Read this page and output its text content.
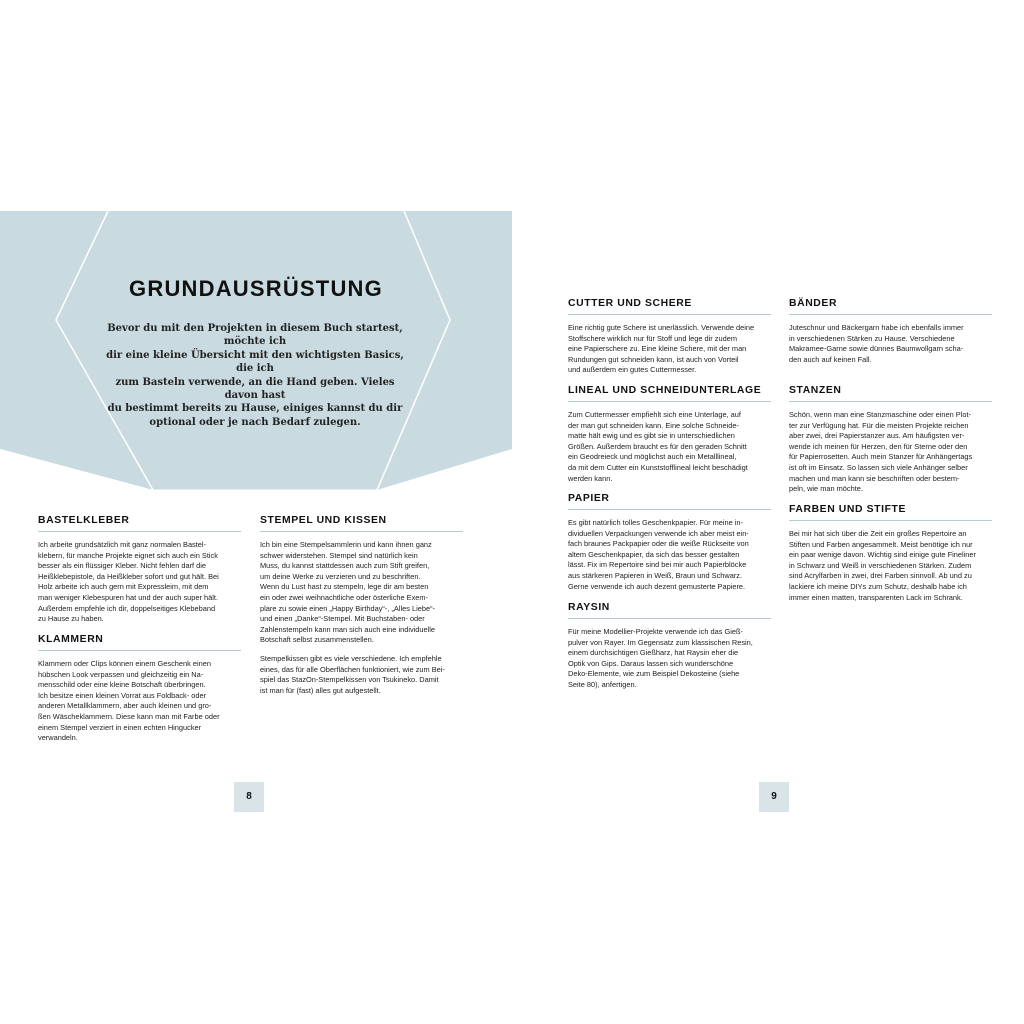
GRUNDAUSRÜSTUNG

Bevor du mit den Projekten in diesem Buch startest, möchte ich
dir eine kleine Übersicht mit den wichtigsten Basics, die ich
zum Basteln verwende, an die Hand geben. Vieles davon hast
du bestimmt bereits zu Hause, einiges kannst du dir
optional oder je nach Bedarf zulegen.

BASTELKLEBER

Ich arbeite grundsätzlich mit ganz normalen Bastel-
klebern, für manche Projekte eignet sich auch ein Stick
besser als ein flüssiger Kleber. Nicht fehlen darf die
Heißklebepistole, da Heißkleber sofort und gut hält. Bei
Holz arbeite ich auch gern mit Expressleim, mit dem
man weniger Klebespuren hat und der auch super hält.
Außerdem empfehle ich dir, doppelseitiges Klebeband
zu Hause zu haben.

KLAMMERN

Klammern oder Clips können einem Geschenk einen
hübschen Look verpassen und gleichzeitig ein Na-
mensschild oder eine kleine Botschaft überbringen.
Ich besitze einen kleinen Vorrat aus Foldback- oder
anderen Metallklammern, aber auch kleinen und gro-
ßen Wäscheklammern. Diese kann man mit Farbe oder
einem Stempel verziert in einen echten Hingucker
verwandeln.

STEMPEL UND KISSEN

Ich bin eine Stempelsammlerin und kann ihnen ganz
schwer widerstehen. Stempel sind natürlich kein
Muss, du kannst stattdessen auch zum Stift greifen,
um deine Werke zu verzieren und zu beschriften.
Wenn du Lust hast zu stempeln, lege dir am besten
ein oder zwei weihnachtliche oder österliche Exem-
plare zu sowie einen „Happy Birthday“-, „Alles Liebe“-
und einen „Danke“-Stempel. Mit Buchstaben- oder
Zahlenstempeln kann man sich auch eine individuelle
Botschaft selbst zusammenstellen.

Stempelkissen gibt es viele verschiedene. Ich empfehle
eines, das für alle Oberflächen funktioniert, wie zum Bei-
spiel das StazOn-Stempelkissen von Tsukineko. Damit
ist man für (fast) alles gut aufgestellt.

8
CUTTER UND SCHERE

Eine richtig gute Schere ist unerlässlich. Verwende deine
Stoffschere wirklich nur für Stoff und lege dir zudem
eine Papierschere zu. Eine kleine Schere, mit der man
Rundungen gut schneiden kann, ist auch von Vorteil
und außerdem ein gutes Cuttermesser.

LINEAL UND SCHNEIDUNTERLAGE

Zum Cuttermesser empfiehlt sich eine Unterlage, auf
der man gut schneiden kann. Eine solche Schneide-
matte hält ewig und es gibt sie in unterschiedlichen
Größen. Außerdem braucht es für den geraden Schnitt
ein Geodreieck und möglichst auch ein Metalllineal,
da mit dem Cutter ein Kunststofflineal leicht beschädigt
werden kann.

PAPIER

Es gibt natürlich tolles Geschenkpapier. Für meine in-
dividuellen Verpackungen verwende ich aber meist ein-
fach braunes Packpapier oder die weiße Rückseite von
altem Geschenkpapier, da sich das besser gestalten
lässt. Fix im Repertoire sind bei mir auch Papierblöcke
aus stärkeren Papieren in Weiß, Braun und Schwarz.
Gerne verwende ich auch dezent gemusterte Papiere.

RAYSIN

Für meine Modellier-Projekte verwende ich das Gieß-
pulver von Rayer. Im Gegensatz zum klassischen Resin,
einem durchsichtigen Gießharz, hat Raysin eher die
Optik von Gips. Daraus lassen sich wunderschöne
Deko-Elemente, wie zum Beispiel Dekosteine (siehe
Seite 80), anfertigen.

BÄNDER

Juteschnur und Bäckergarn habe ich ebenfalls immer
in verschiedenen Stärken zu Hause. Verschiedene
Makramee-Garne sowie dünnes Baumwollgarn scha-
den auch auf keinen Fall.

STANZEN

Schön, wenn man eine Stanzmaschine oder einen Plot-
ter zur Verfügung hat. Für die meisten Projekte reichen
aber zwei, drei Papierstanzer aus. Am häufigsten ver-
wende ich meinen für Herzen, den für Sterne oder den
für Papierrosetten. Auch mein Stanzer für Anhängertags
ist oft im Einsatz. So lassen sich viele Anhänger selber
machen und man kann sie beschriften oder bestem-
peln, wie man möchte.

FARBEN UND STIFTE

Bei mir hat sich über die Zeit ein großes Repertoire an
Stiften und Farben angesammelt. Meist benötige ich nur
ein paar wenige davon. Wichtig sind einige gute Fineliner
in Schwarz und Weiß in verschiedenen Stärken. Zudem
sind Acrylfarben in zwei, drei Farben sinnvoll. Ab und zu
lackiere ich meine DIYs zum Schutz, deshalb habe ich
immer einen matten, transparenten Lack im Schrank.

9
